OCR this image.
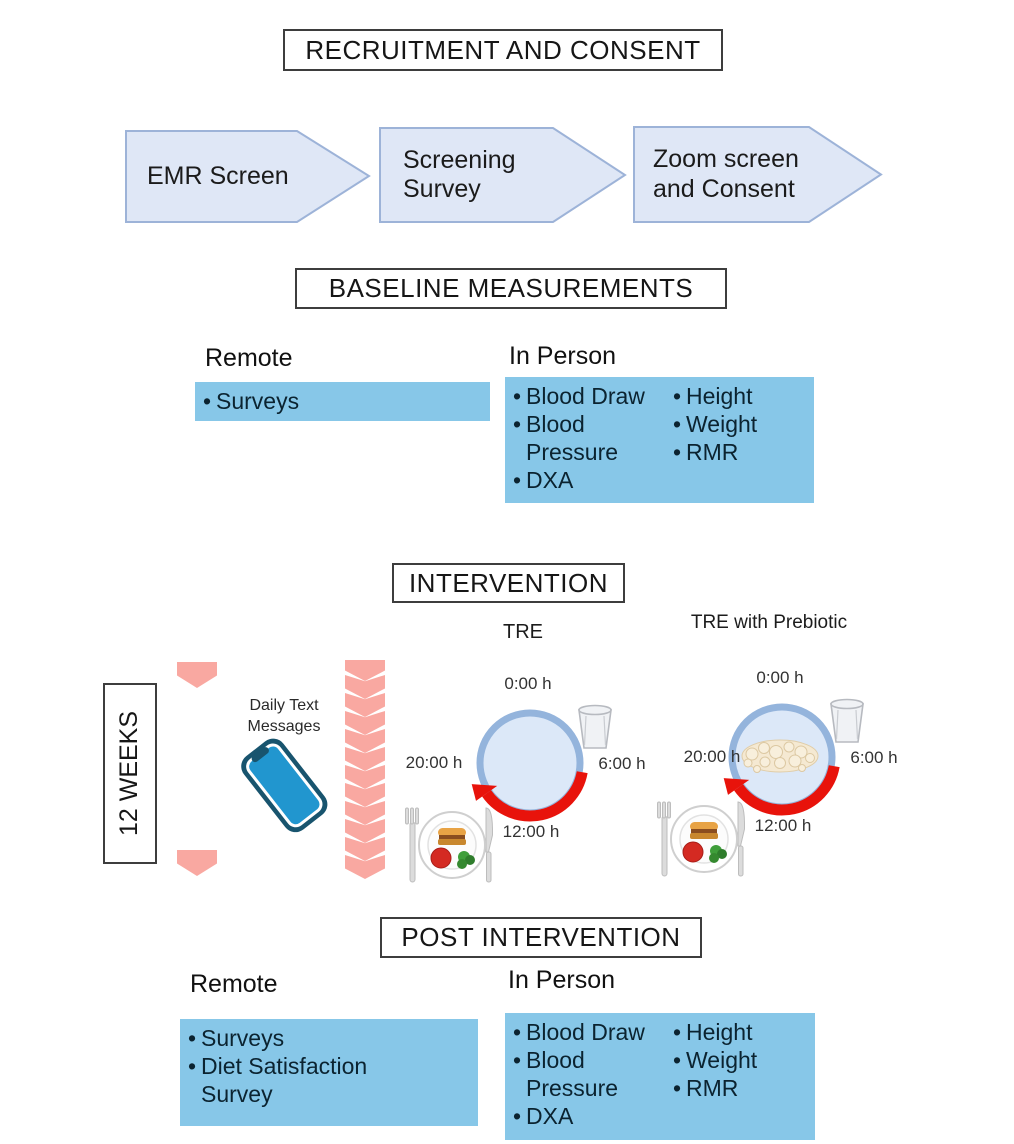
RECRUITMENT AND CONSENT
EMR Screen
Screening Survey
Zoom screen and Consent
BASELINE MEASUREMENTS
Remote
• Surveys
In Person
• Blood Draw
• Blood Pressure
• DXA
• Height
• Weight
• RMR
INTERVENTION
TRE	TRE with Prebiotic
12 WEEKS
Daily Text Messages
0:00 h
6:00 h
12:00 h
20:00 h
0:00 h
6:00 h
12:00 h
20:00 h
POST INTERVENTION
Remote
• Surveys
• Diet Satisfaction Survey
In Person
• Blood Draw
• Blood Pressure
• DXA
• Height
• Weight
• RMR
